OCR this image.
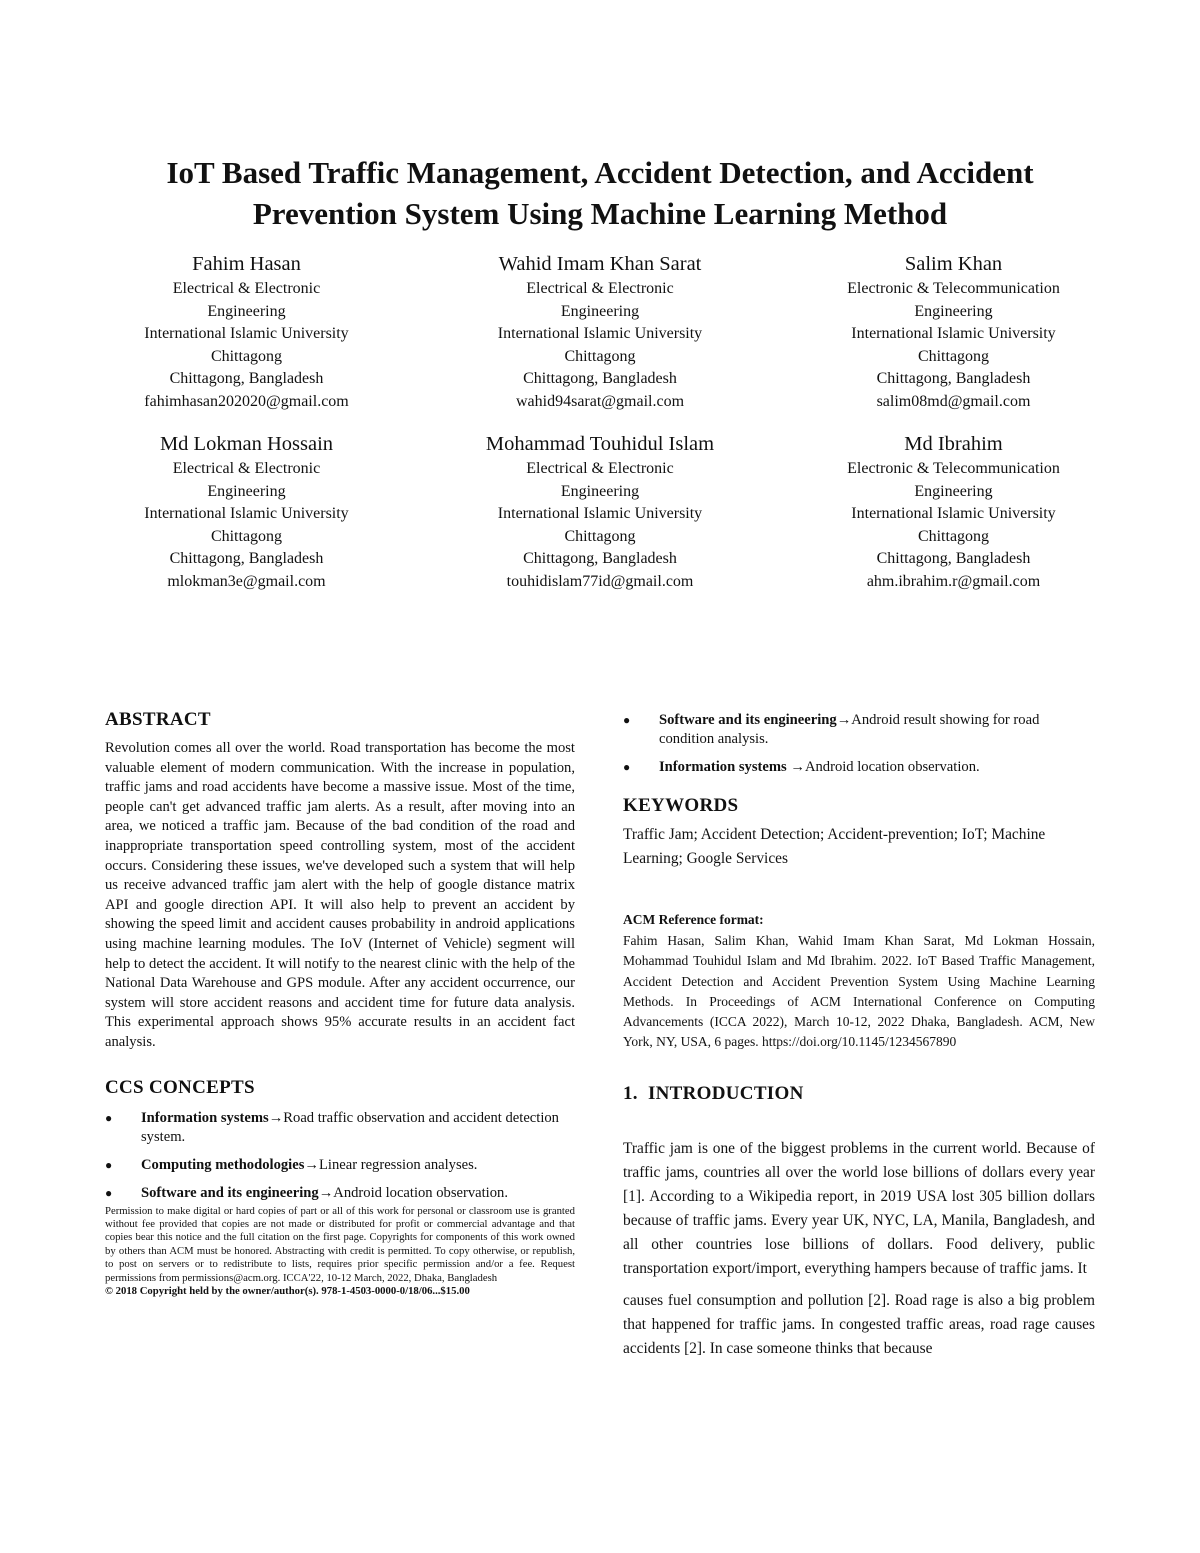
IoT Based Traffic Management, Accident Detection, and Accident Prevention System Using Machine Learning Method
Fahim Hasan
Electrical & Electronic
Engineering
International Islamic University
Chittagong
Chittagong, Bangladesh
fahimhasan202020@gmail.com
Wahid Imam Khan Sarat
Electrical & Electronic
Engineering
International Islamic University
Chittagong
Chittagong, Bangladesh
wahid94sarat@gmail.com
Salim Khan
Electronic & Telecommunication
Engineering
International Islamic University
Chittagong
Chittagong, Bangladesh
salim08md@gmail.com
Md Lokman Hossain
Electrical & Electronic
Engineering
International Islamic University
Chittagong
Chittagong, Bangladesh
mlokman3e@gmail.com
Mohammad Touhidul Islam
Electrical & Electronic
Engineering
International Islamic University
Chittagong
Chittagong, Bangladesh
touhidislam77id@gmail.com
Md Ibrahim
Electronic & Telecommunication
Engineering
International Islamic University
Chittagong
Chittagong, Bangladesh
ahm.ibrahim.r@gmail.com
ABSTRACT

Revolution comes all over the world. Road transportation has become the most valuable element of modern communication. With the increase in population, traffic jams and road accidents have become a massive issue. Most of the time, people can't get advanced traffic jam alerts. As a result, after moving into an area, we noticed a traffic jam. Because of the bad condition of the road and inappropriate transportation speed controlling system, most of the accident occurs. Considering these issues, we've developed such a system that will help us receive advanced traffic jam alert with the help of google distance matrix API and google direction API. It will also help to prevent an accident by showing the speed limit and accident causes probability in android applications using machine learning modules. The IoV (Internet of Vehicle) segment will help to detect the accident. It will notify to the nearest clinic with the help of the National Data Warehouse and GPS module. After any accident occurrence, our system will store accident reasons and accident time for future data analysis. This experimental approach shows 95% accurate results in an accident fact analysis.

CCS CONCEPTS
● Information systems→Road traffic observation and accident detection system.
● Computing methodologies→Linear regression analyses.
● Software and its engineering→Android location observation.
Permission to make digital or hard copies of part or all of this work for personal or classroom use is granted without fee provided that copies are not made or distributed for profit or commercial advantage and that copies bear this notice and the full citation on the first page. Copyrights for components of this work owned by others than ACM must be honored. Abstracting with credit is permitted. To copy otherwise, or republish, to post on servers or to redistribute to lists, requires prior specific permission and/or a fee. Request permissions from permissions@acm.org. ICCA'22, 10-12 March, 2022, Dhaka, Bangladesh
© 2018 Copyright held by the owner/author(s). 978-1-4503-0000-0/18/06...$15.00
● Software and its engineering→Android result showing for road condition analysis.
● Information systems →Android location observation.
KEYWORDS

Traffic Jam; Accident Detection; Accident-prevention; IoT; Machine Learning; Google Services

ACM Reference format:

Fahim Hasan, Salim Khan, Wahid Imam Khan Sarat, Md Lokman Hossain, Mohammad Touhidul Islam and Md Ibrahim. 2022. IoT Based Traffic Management, Accident Detection and Accident Prevention System Using Machine Learning Methods. In Proceedings of ACM International Conference on Computing Advancements (ICCA 2022), March 10-12, 2022 Dhaka, Bangladesh. ACM, New York, NY, USA, 6 pages. https://doi.org/10.1145/1234567890

1. INTRODUCTION

Traffic jam is one of the biggest problems in the current world. Because of traffic jams, countries all over the world lose billions of dollars every year [1]. According to a Wikipedia report, in 2019 USA lost 305 billion dollars because of traffic jams. Every year UK, NYC, LA, Manila, Bangladesh, and all other countries lose billions of dollars. Food delivery, public transportation export/import, everything hampers because of traffic jams. It

causes fuel consumption and pollution [2]. Road rage is also a big problem that happened for traffic jams. In congested traffic areas, road rage causes accidents [2]. In case someone thinks that because
